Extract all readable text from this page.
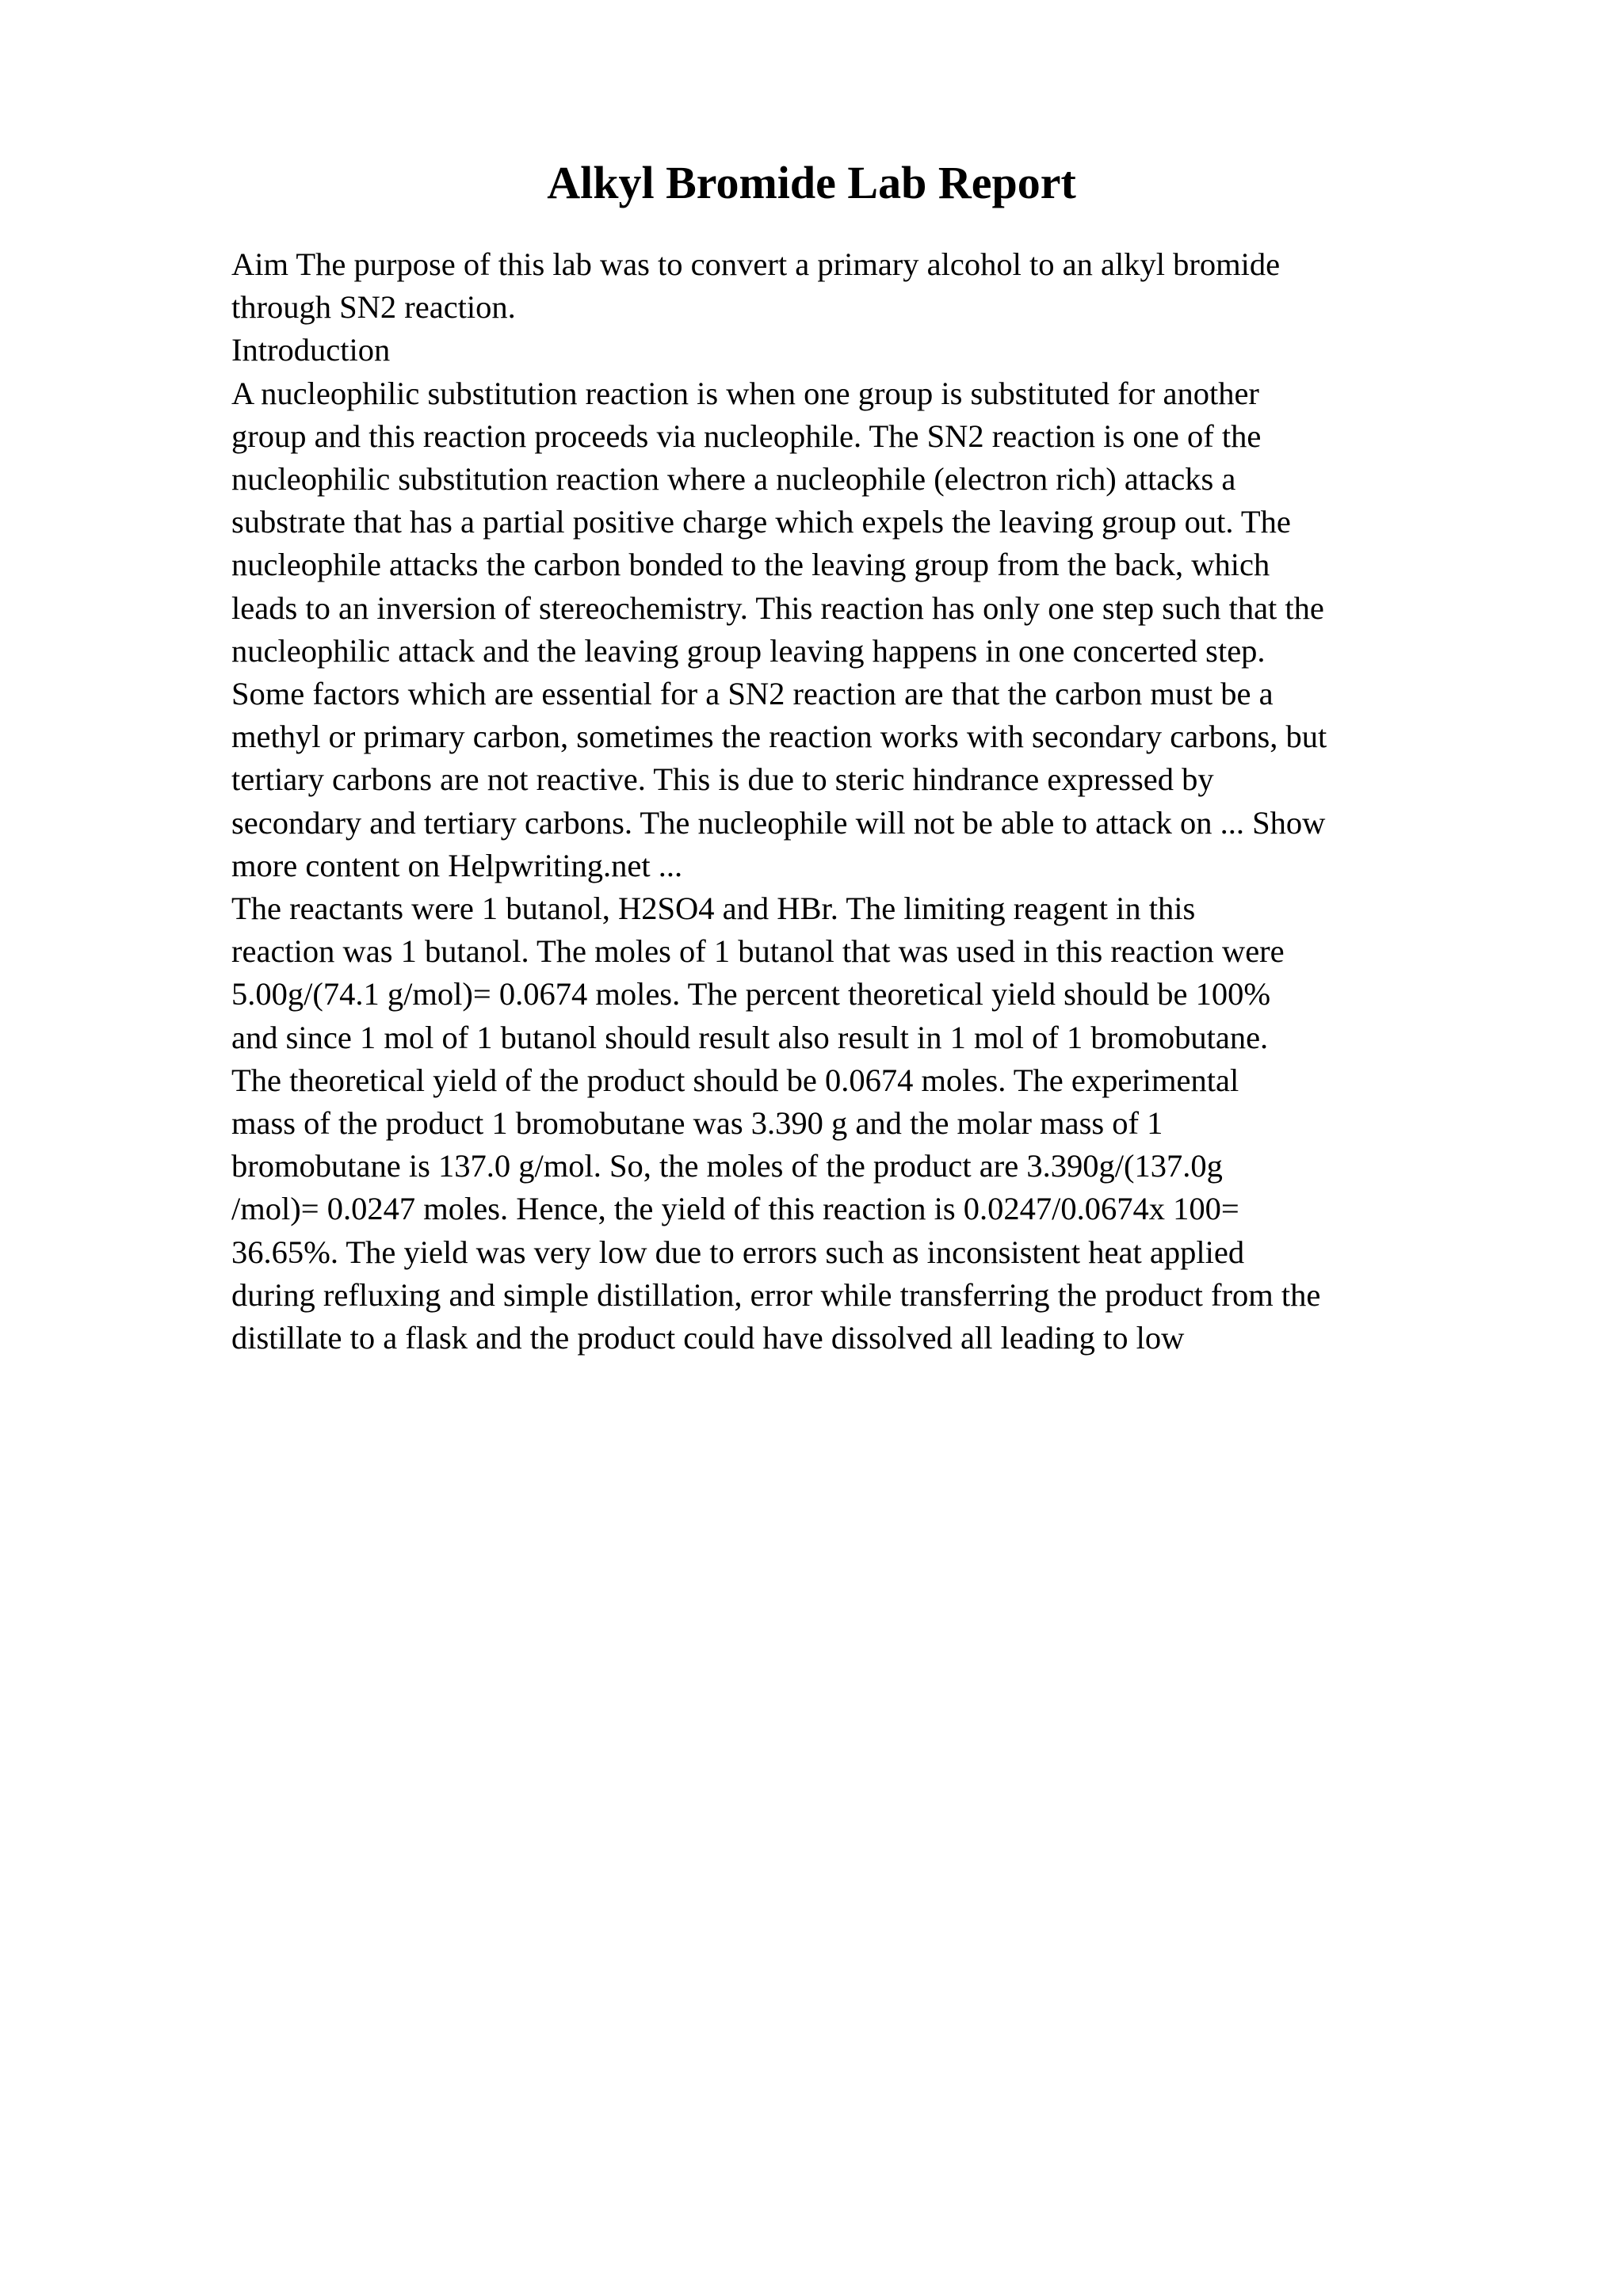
Alkyl Bromide Lab Report
Aim The purpose of this lab was to convert a primary alcohol to an alkyl bromide
through SN2 reaction.
Introduction
A nucleophilic substitution reaction is when one group is substituted for another
group and this reaction proceeds via nucleophile. The SN2 reaction is one of the
nucleophilic substitution reaction where a nucleophile (electron rich) attacks a
substrate that has a partial positive charge which expels the leaving group out. The
nucleophile attacks the carbon bonded to the leaving group from the back, which
leads to an inversion of stereochemistry. This reaction has only one step such that the
nucleophilic attack and the leaving group leaving happens in one concerted step.
Some factors which are essential for a SN2 reaction are that the carbon must be a
methyl or primary carbon, sometimes the reaction works with secondary carbons, but
tertiary carbons are not reactive. This is due to steric hindrance expressed by
secondary and tertiary carbons. The nucleophile will not be able to attack on ... Show
more content on Helpwriting.net ...
The reactants were 1 butanol, H2SO4 and HBr. The limiting reagent in this
reaction was 1 butanol. The moles of 1 butanol that was used in this reaction were
5.00g/(74.1 g/mol)= 0.0674 moles. The percent theoretical yield should be 100%
and since 1 mol of 1 butanol should result also result in 1 mol of 1 bromobutane.
The theoretical yield of the product should be 0.0674 moles. The experimental
mass of the product 1 bromobutane was 3.390 g and the molar mass of 1
bromobutane is 137.0 g/mol. So, the moles of the product are 3.390g/(137.0g
/mol)= 0.0247 moles. Hence, the yield of this reaction is 0.0247/0.0674x 100=
36.65%. The yield was very low due to errors such as inconsistent heat applied
during refluxing and simple distillation, error while transferring the product from the
distillate to a flask and the product could have dissolved all leading to low
